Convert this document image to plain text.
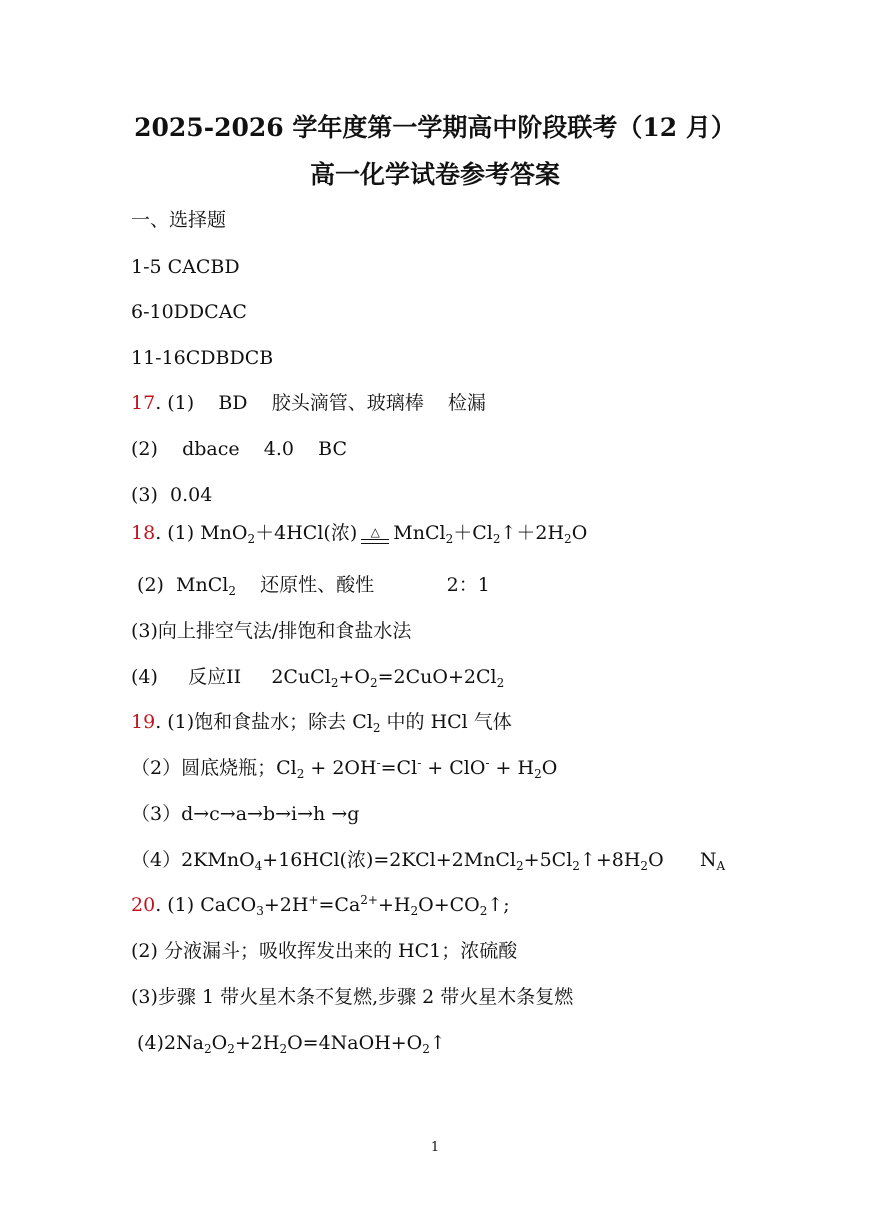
2025-2026 学年度第一学期高中阶段联考（12 月）
高一化学试卷参考答案
一、选择题
1-5 CACBD
6-10DDCAC
11-16CDBDCB
17. (1)    BD    胶头滴管、玻璃棒    检漏
(2)    dbace    4.0    BC
(3)  0.04
18. (1) MnO$_2$＋4HCl(浓) △ $MnCl_2+Cl_2↑+2H_2O$
(2)  MnCl$_2$    还原性、酸性            2：1
(3)向上排空气法/排饱和食盐水法
(4)     反应II     $2CuCl_2+O_2=2CuO+2Cl_2$
19. (1)饱和食盐水；除去 $Cl_2$ 中的 HCl 气体
（2）圆底烧瓶；$Cl_2 + 2OH^-=Cl^- + ClO^- + H_2O$
（3）d→c→a→b→i→h →g
（4）2KMnO$_4$+16HCl(浓)$=2KCl+2MnCl_2+5Cl_2↑+8H_2O$      $N_A$
20. (1) $CaCO_3+2H^+=Ca^{2+}+H_2O+CO_2↑$;
(2) 分液漏斗；吸收挥发出来的 HC1；浓硫酸
(3)步骤 1 带火星木条不复燃,步骤 2 带火星木条复燃
$(4)2Na_2O_2+2H_2O=4NaOH+O_2↑$
1
